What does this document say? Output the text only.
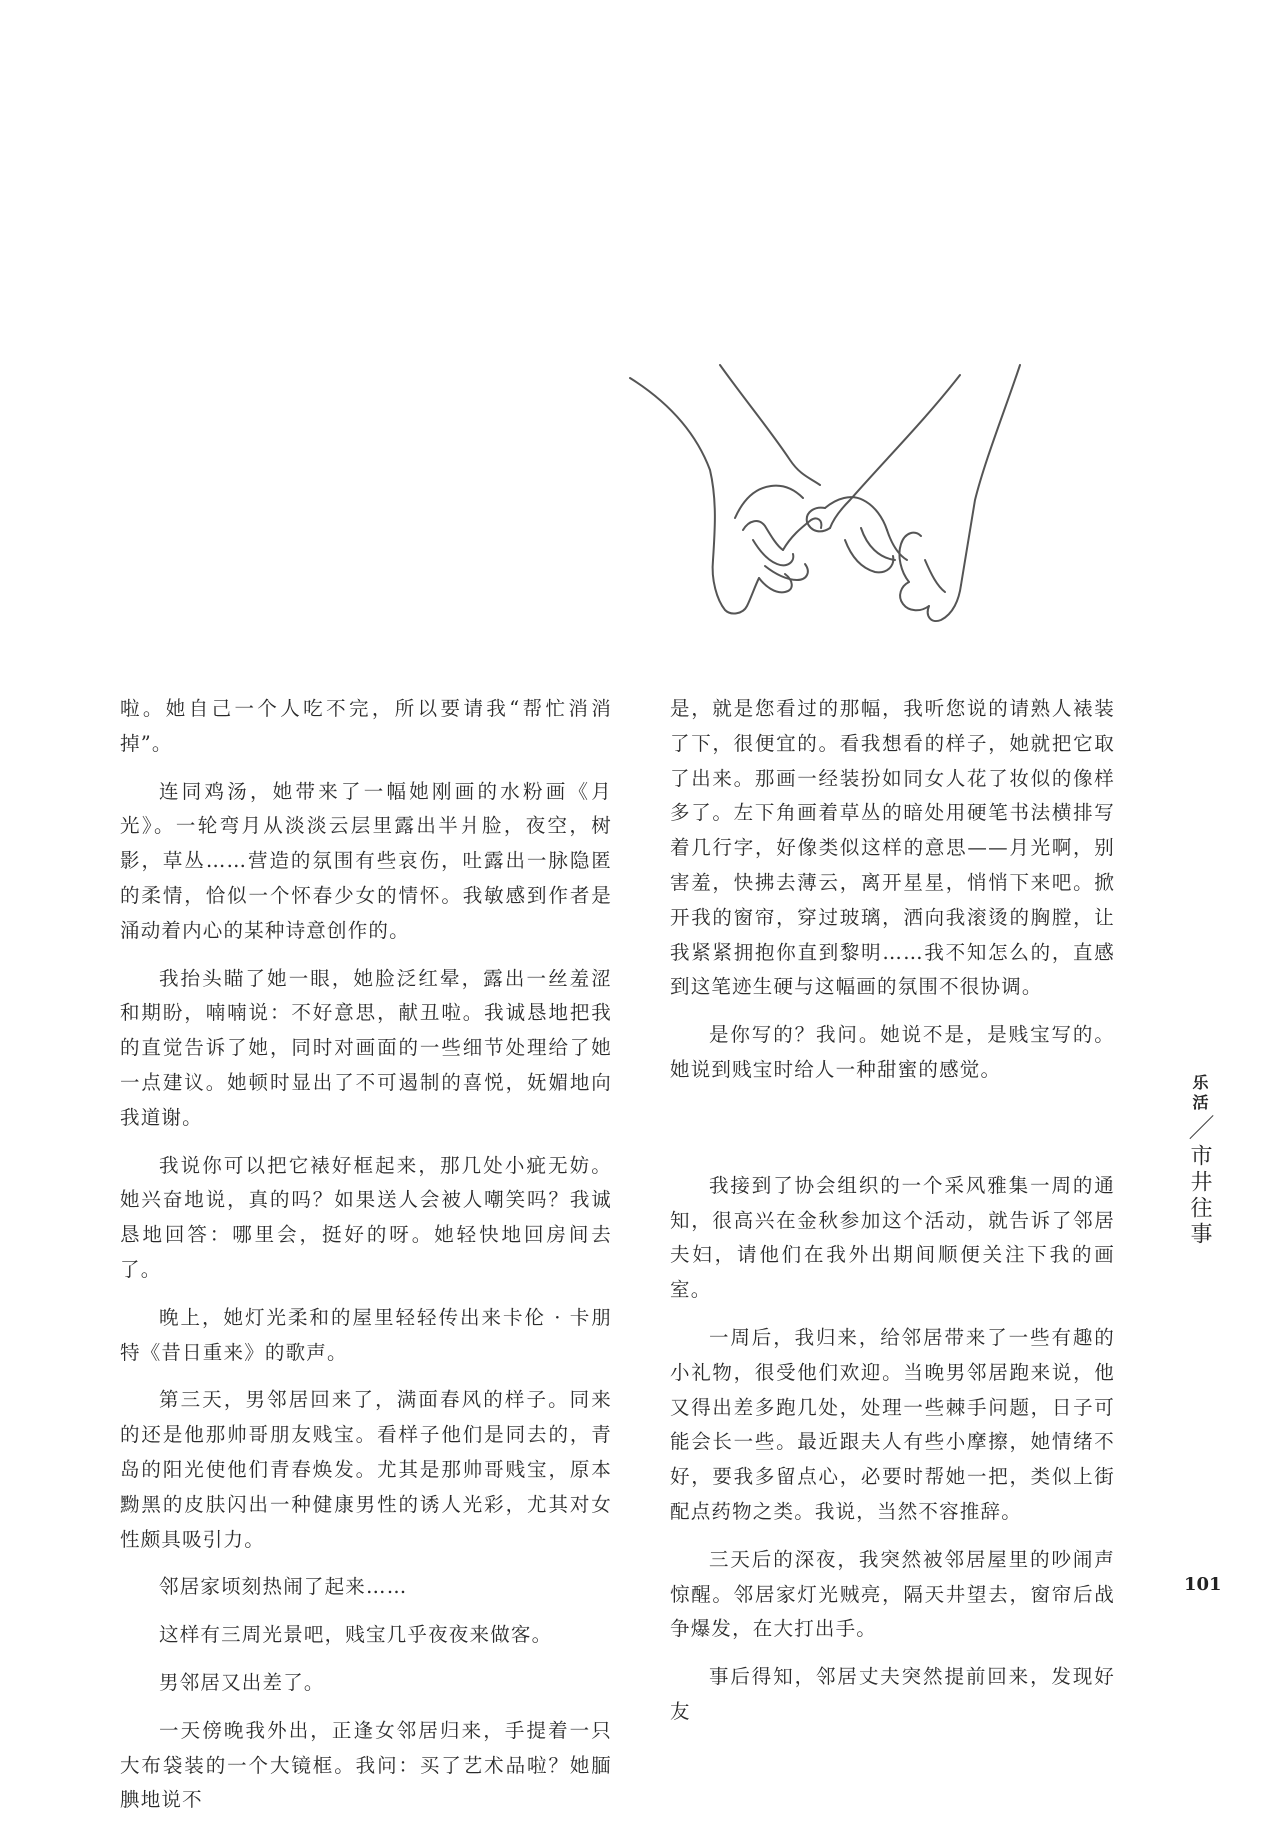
啦。她自己一个人吃不完，所以要请我“帮忙消消掉”。

连同鸡汤，她带来了一幅她刚画的水粉画《月光》。一轮弯月从淡淡云层里露出半爿脸，夜空，树影，草丛……营造的氛围有些哀伤，吐露出一脉隐匿的柔情，恰似一个怀春少女的情怀。我敏感到作者是涌动着内心的某种诗意创作的。

我抬头瞄了她一眼，她脸泛红晕，露出一丝羞涩和期盼，喃喃说：不好意思，献丑啦。我诚恳地把我的直觉告诉了她，同时对画面的一些细节处理给了她一点建议。她顿时显出了不可遏制的喜悦，妩媚地向我道谢。

我说你可以把它裱好框起来，那几处小疵无妨。她兴奋地说，真的吗？如果送人会被人嘲笑吗？我诚恳地回答：哪里会，挺好的呀。她轻快地回房间去了。

晚上，她灯光柔和的屋里轻轻传出来卡伦 · 卡朋特《昔日重来》的歌声。

第三天，男邻居回来了，满面春风的样子。同来的还是他那帅哥朋友贱宝。看样子他们是同去的，青岛的阳光使他们青春焕发。尤其是那帅哥贱宝，原本黝黑的皮肤闪出一种健康男性的诱人光彩，尤其对女性颇具吸引力。

邻居家顷刻热闹了起来……

这样有三周光景吧，贱宝几乎夜夜来做客。

男邻居又出差了。

一天傍晚我外出，正逢女邻居归来，手提着一只大布袋装的一个大镜框。我问：买了艺术品啦？她腼腆地说不

是，就是您看过的那幅，我听您说的请熟人裱装了下，很便宜的。看我想看的样子，她就把它取了出来。那画一经装扮如同女人花了妆似的像样多了。左下角画着草丛的暗处用硬笔书法横排写着几行字，好像类似这样的意思——月光啊，别害羞，快拂去薄云，离开星星，悄悄下来吧。掀开我的窗帘，穿过玻璃，洒向我滚烫的胸膛，让我紧紧拥抱你直到黎明……我不知怎么的，直感到这笔迹生硬与这幅画的氛围不很协调。

是你写的？我问。她说不是，是贱宝写的。她说到贱宝时给人一种甜蜜的感觉。

我接到了协会组织的一个采风雅集一周的通知，很高兴在金秋参加这个活动，就告诉了邻居夫妇，请他们在我外出期间顺便关注下我的画室。

一周后，我归来，给邻居带来了一些有趣的小礼物，很受他们欢迎。当晚男邻居跑来说，他又得出差多跑几处，处理一些棘手问题，日子可能会长一些。最近跟夫人有些小摩擦，她情绪不好，要我多留点心，必要时帮她一把，类似上街配点药物之类。我说，当然不容推辞。

三天后的深夜，我突然被邻居屋里的吵闹声惊醒。邻居家灯光贼亮，隔天井望去，窗帘后战争爆发，在大打出手。

事后得知，邻居丈夫突然提前回来，发现好友

乐活／市井往事
101
